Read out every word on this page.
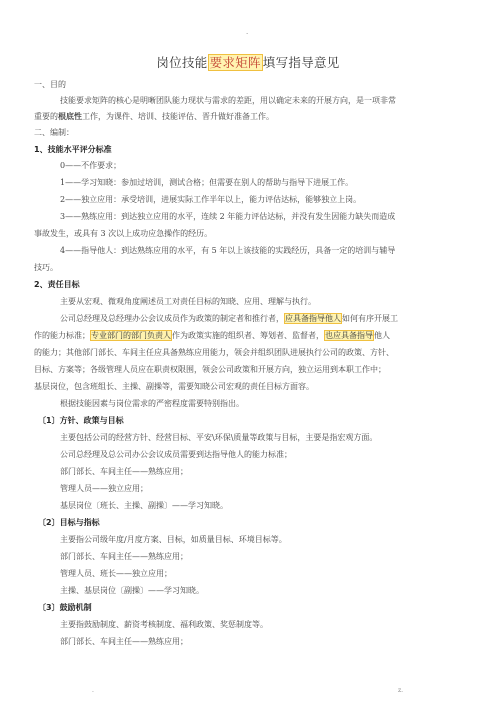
.
岗位技能 要求矩阵 填写指导意见
一、目的
技能要求矩阵的核心是明晰团队能力现状与需求的差距，用以确定未来的开展方向，是一项非常
重要的根底性工作，为课件、培训、技能评估、晋升做好准备工作。
二、编制：
1、技能水平评分标准
0——不作要求；
1——学习知晓：参加过培训，测试合格；但需要在别人的帮助与指导下进展工作。
2——独立应用：承受培训，进展实际工作半年以上，能力评估达标，能够独立上岗。
3——熟练应用：到达独立应用的水平，连续 2 年能力评估达标，并没有发生因能力缺失而造成
事故发生，或具有 3 次以上成功应急操作的经历。
4——指导他人：到达熟练应用的水平，有 5 年以上该技能的实践经历，具备一定的培训与辅导
技巧。
2、责任目标
主要从宏观、微观角度阐述员工对责任目标的知晓、应用、理解与执行。
公司总经理及总经理办公会议成员作为政策的制定者和推行者，应具备指导他人如何有序开展工
作的能力标准；专业部门的部门负责人作为政策实施的组织者、筹划者、监督者，也应具备指导他人
的能力；其他部门部长、车间主任应具备熟练应用能力，领会并组织团队进展执行公司的政策、方针、
目标、方案等；各级管理人员应在职责权限围，领会公司政策和开展方向，独立运用到本职工作中；
基层岗位，包含班组长、主操、副操等，需要知晓公司宏观的责任目标方面容。
根据技能因素与岗位需求的严密程度需要特别指出。
〔1〕方针、政策与目标
主要包括公司的经营方针、经营目标、平安\环保\质量等政策与目标，主要是指宏观方面。
公司总经理及总公司办公会议成员需要到达指导他人的能力标准；
部门部长、车间主任——熟练应用；
管理人员——独立应用；
基层岗位〔班长、主操、副操〕——学习知晓。
〔2〕目标与指标
主要指公司级年度/月度方案、目标，如质量目标、环境目标等。
部门部长、车间主任——熟练应用；
管理人员、班长——独立应用；
主操、基层岗位〔副操〕——学习知晓。
〔3〕鼓励机制
主要指鼓励制度、薪资考核制度、福利政策、奖惩制度等。
部门部长、车间主任——熟练应用；
.	z.
